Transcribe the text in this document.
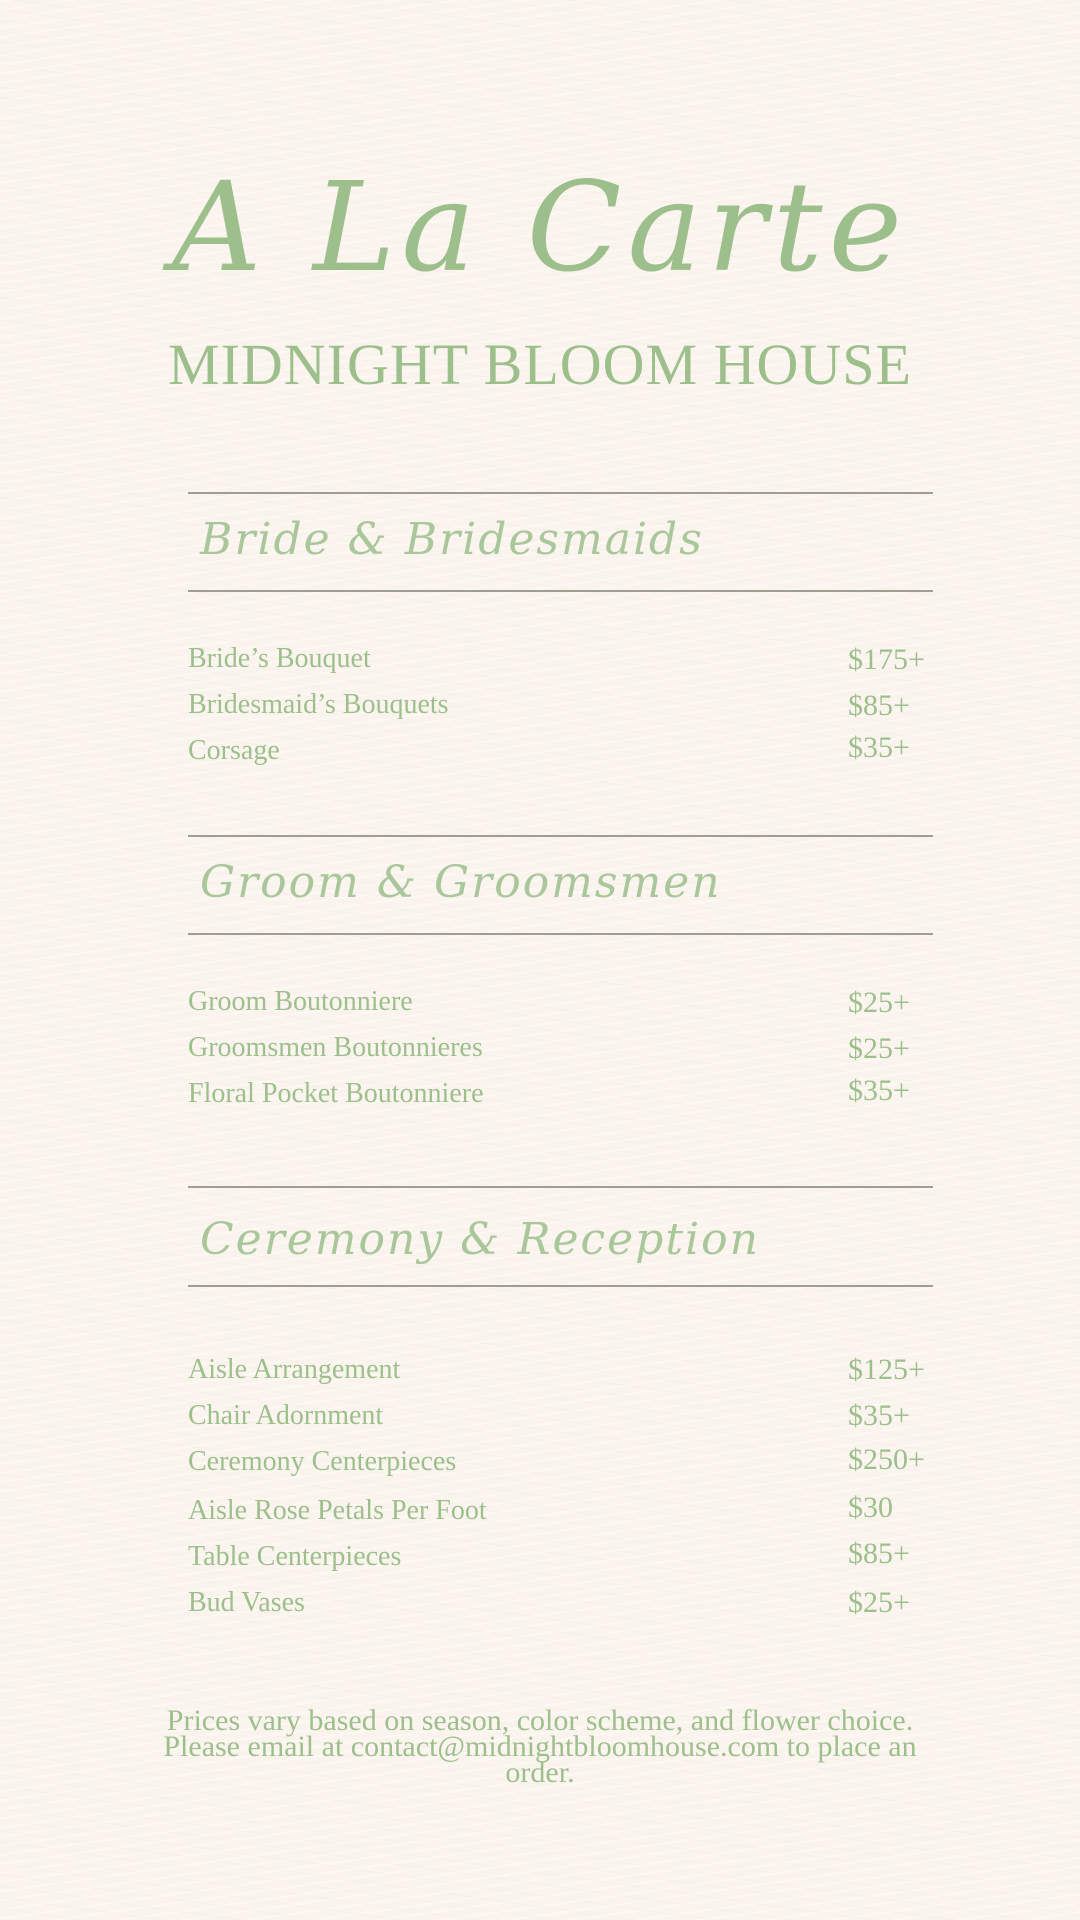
A La Carte
MIDNIGHT BLOOM HOUSE
Bride & Bridesmaids
Bride’s Bouquet	$175+
Bridesmaid’s Bouquets	$85+
Corsage	$35+
Groom & Groomsmen
Groom Boutonniere	$25+
Groomsmen Boutonnieres	$25+
Floral Pocket Boutonniere	$35+
Ceremony & Reception
Aisle Arrangement	$125+
Chair Adornment	$35+
Ceremony Centerpieces	$250+
Aisle Rose Petals Per Foot	$30
Table Centerpieces	$85+
Bud Vases	$25+
Prices vary based on season, color scheme, and flower choice. Please email at contact@midnightbloomhouse.com to place an order.
